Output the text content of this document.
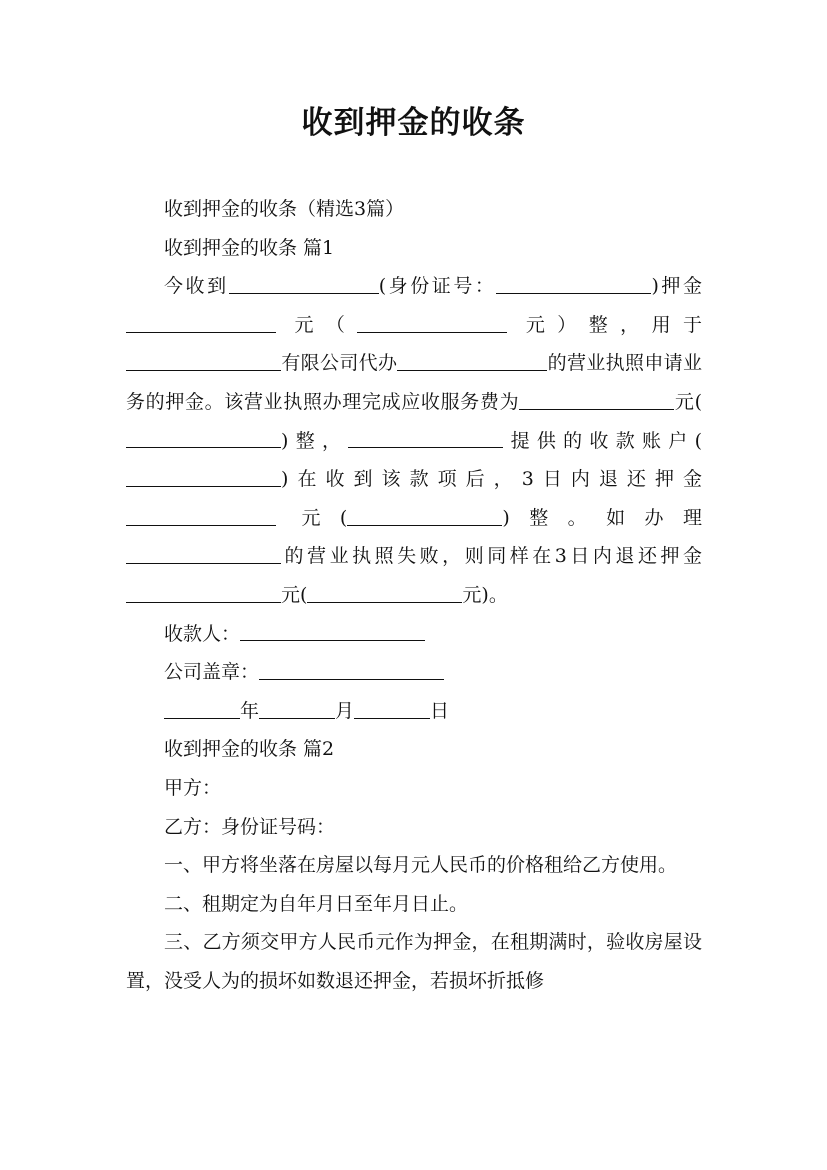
收到押金的收条

收到押金的收条（精选3篇）

收到押金的收条 篇1

今收到	(身份证号：	)押金  元（	元）整，用于 有限公司代办	的营业执照申请业务的押金。该营业执照办理完成应收服务费为	元()整，	提供的收款账户()在收到该款项后，3日内退还押金  元(	)整。如办理 的营业执照失败，则同样在3日内退还押金元(	元)。

收款人：

公司盖章：

年	月	日

收到押金的收条 篇2

甲方：

乙方：身份证号码：

一、甲方将坐落在房屋以每月元人民币的价格租给乙方使用。

二、租期定为自年月日至年月日止。

三、乙方须交甲方人民币元作为押金，在租期满时，验收房屋设置，没受人为的损坏如数退还押金，若损坏折抵修
